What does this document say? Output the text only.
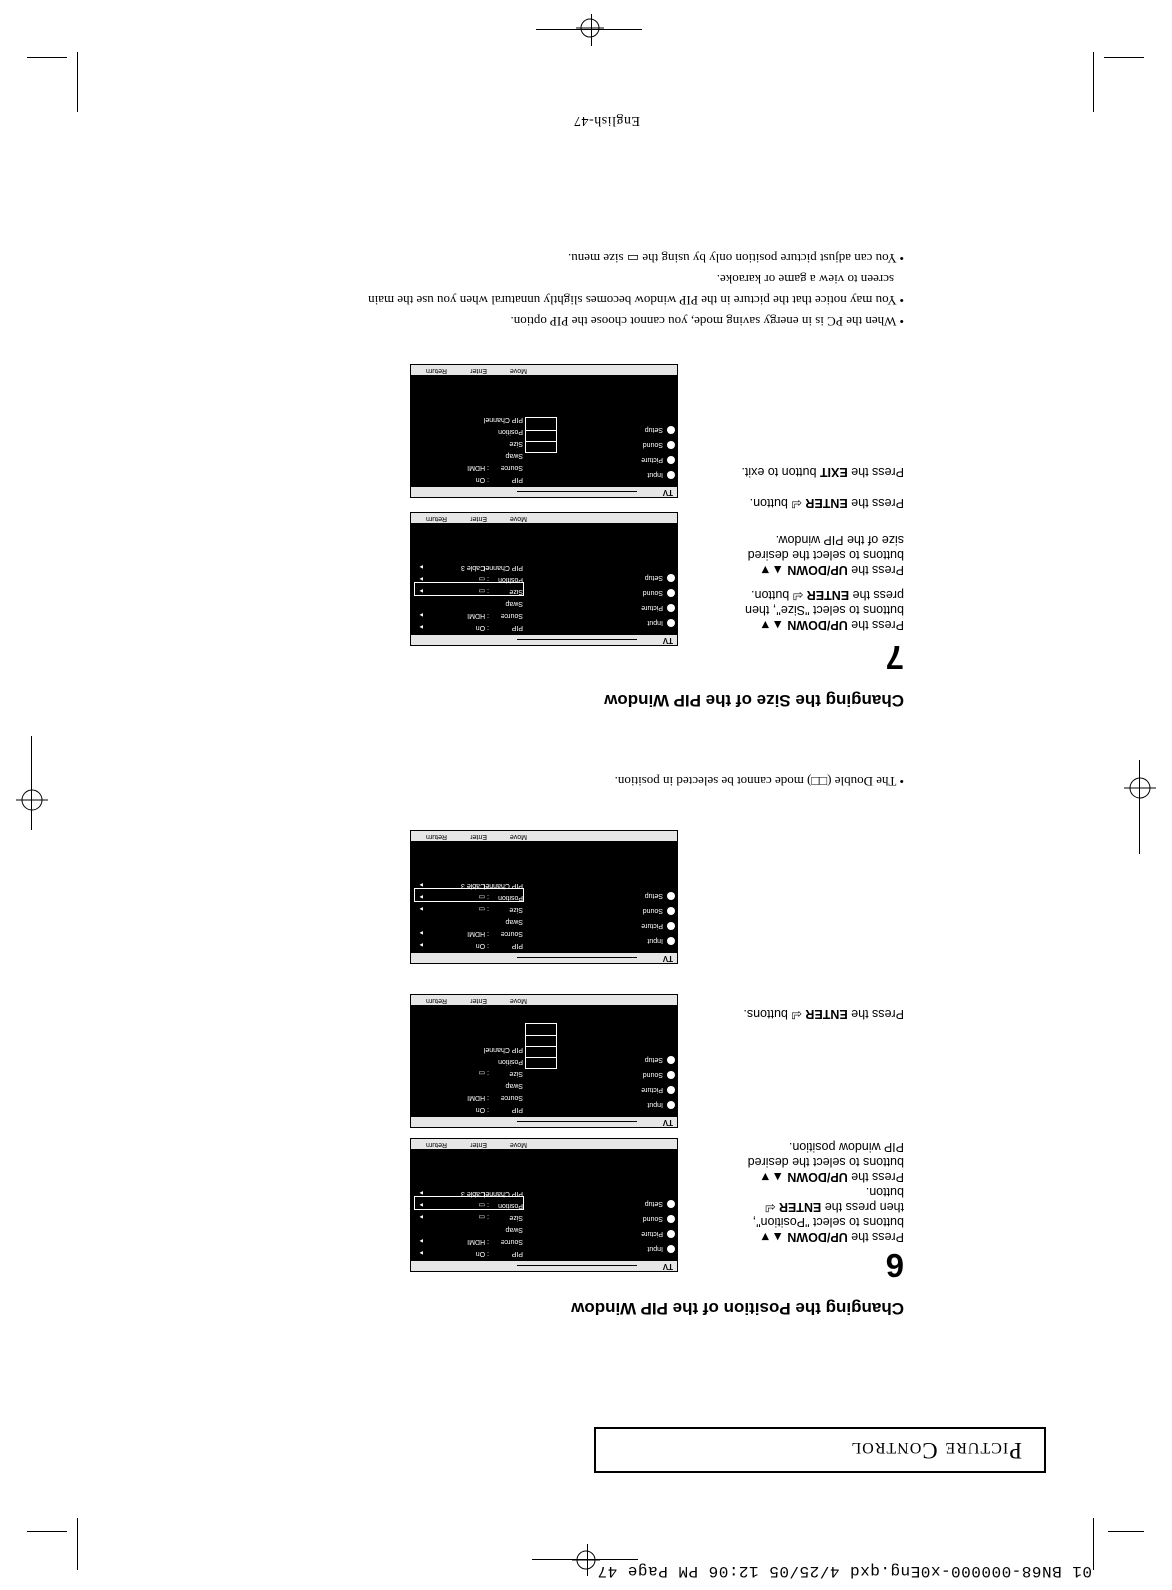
01 BN68-000000-x0Eng.qxd 4/25/05 12:06 PM Page 47
Picture Control
Changing the Position of the PIP Window
6

Press the UP/DOWN ▲▼

buttons to select "Position",

then press the ENTER ⏎

button.

Press the UP/DOWN ▲▼

buttons to select the desired

PIP window position.

Press the ENTER ⏎ buttons.

TV
Input
Picture
Sound
Setup
PIP
: On
▸
Source
: HDMI
▸
Swap
Size
: ▭
▸
Position
: ▭
▸
PIP Channel
: Cable 3
▸
Move
Enter
Return
TV
Input
Picture
Sound
Setup
PIP
: On
Source
: HDMI
Swap
Size
: ▭
Position
PIP Channel
Move
Enter
Return
TV
Input
Picture
Sound
Setup
PIP
: On
▸
Source
: HDMI
▸
Swap
Size
: ▭
▸
Position
: ▭
▸
PIP Channel
: Cable 3
▸
Move
Enter
Return

• The Double (□□) mode cannot be selected in position.

Changing the Size of the PIP Window
7

Press the UP/DOWN ▲▼

buttons to select "Size", then

press the ENTER ⏎ button.

Press the UP/DOWN ▲▼

buttons to select the desired

size of the PIP window.

Press the ENTER ⏎ button.

Press the EXIT button to exit.

TV
Input
Picture
Sound
Setup
PIP
: On
▸
Source
: HDMI
▸
Swap
Size
: ▭
▸
Position
: ▭
▸
PIP Channel
: Cable 3
▸
Move
Enter
Return
TV
Input
Picture
Sound
Setup
PIP
: On
Source
: HDMI
Swap
Size
Position
PIP Channel
Move
Enter
Return

• When the PC is in energy saving mode, you cannot choose the PIP option.

• You may notice that the picture in the PIP window becomes slightly unnatural when you use the main

screen to view a game or karaoke.

• You can adjust picture position only by using the ▭ size menu.

English-47
